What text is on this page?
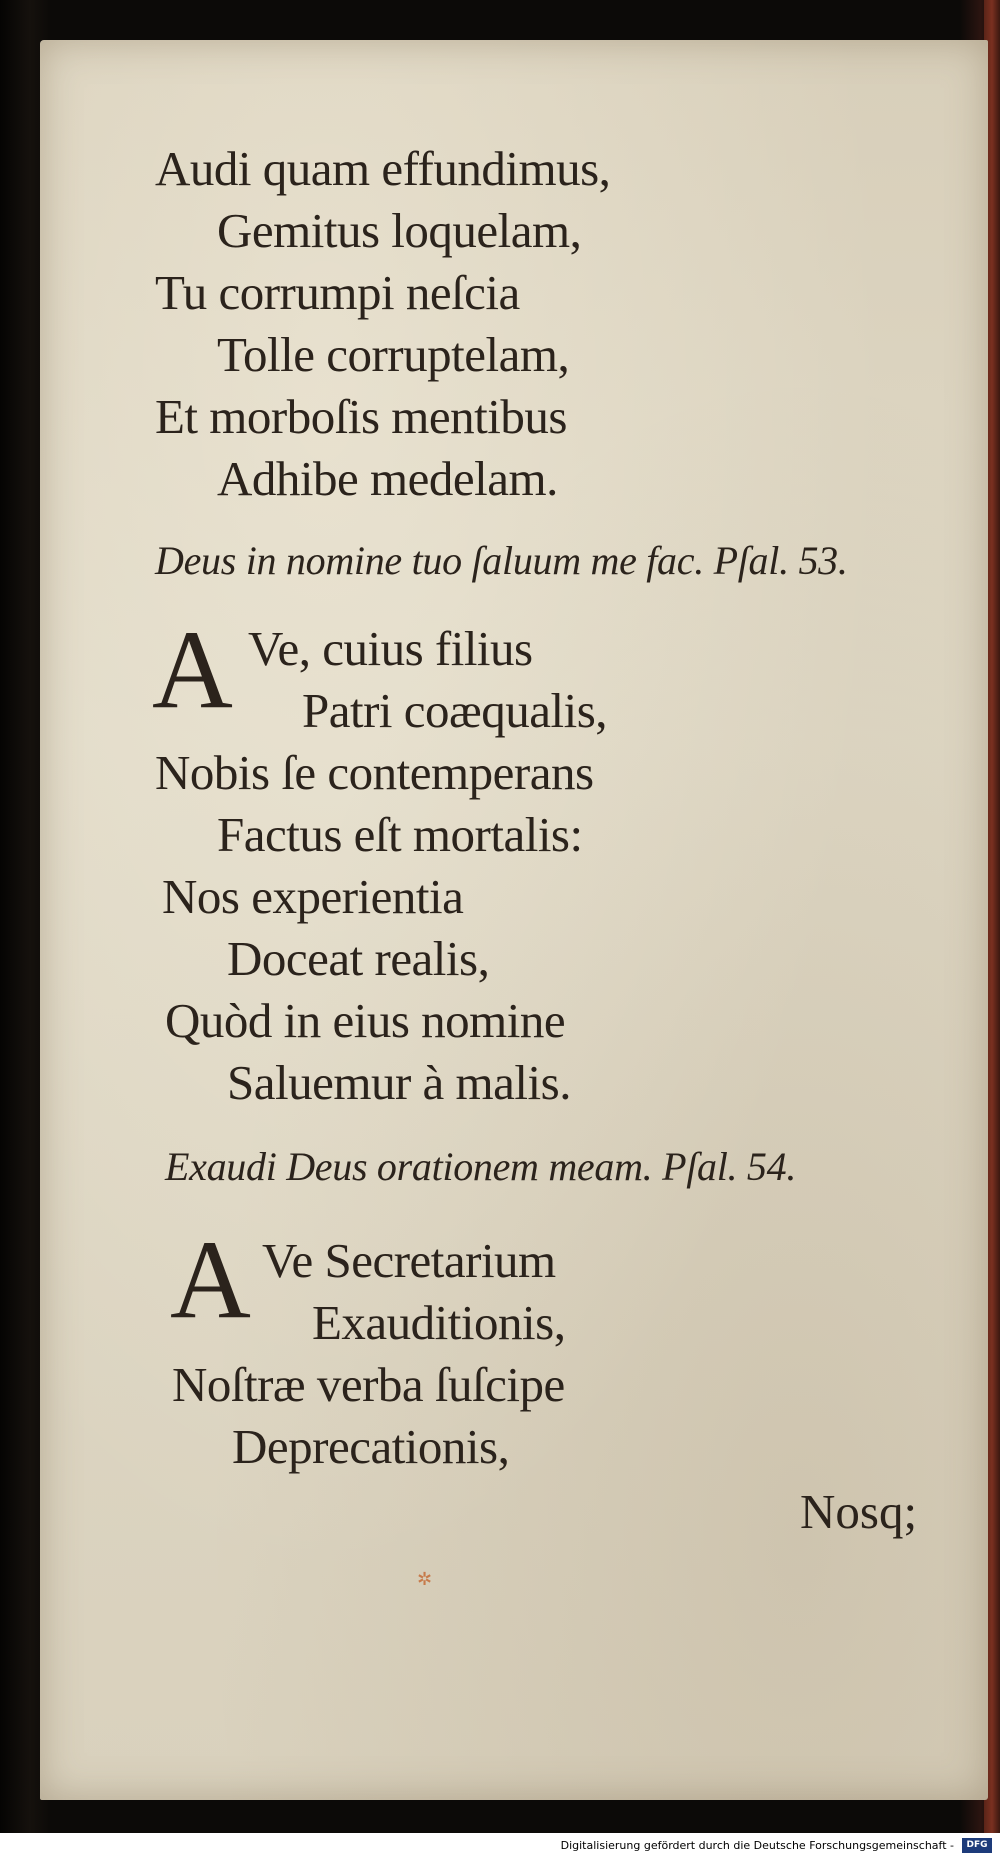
✲
Audi quam effundimus,
Gemitus loquelam,
Tu corrumpi neſcia
Tolle corruptelam,
Et morboſis mentibus
Adhibe medelam.
Deus in nomine tuo ſaluum me fac. Pſal. 53.
A Ve, cuius filius
Patri coæqualis,
Nobis ſe contemperans
Factus eſt mortalis:
Nos experientia
Doceat realis,
Quòd in eius nomine
Saluemur à malis.
Exaudi Deus orationem meam. Pſal. 54.
A Ve Secretarium
Exauditionis,
Noſtræ verba ſuſcipe
Deprecationis,
Nosq;
Digitalisierung gefördert durch die Deutsche Forschungsgemeinschaft -	DFG
